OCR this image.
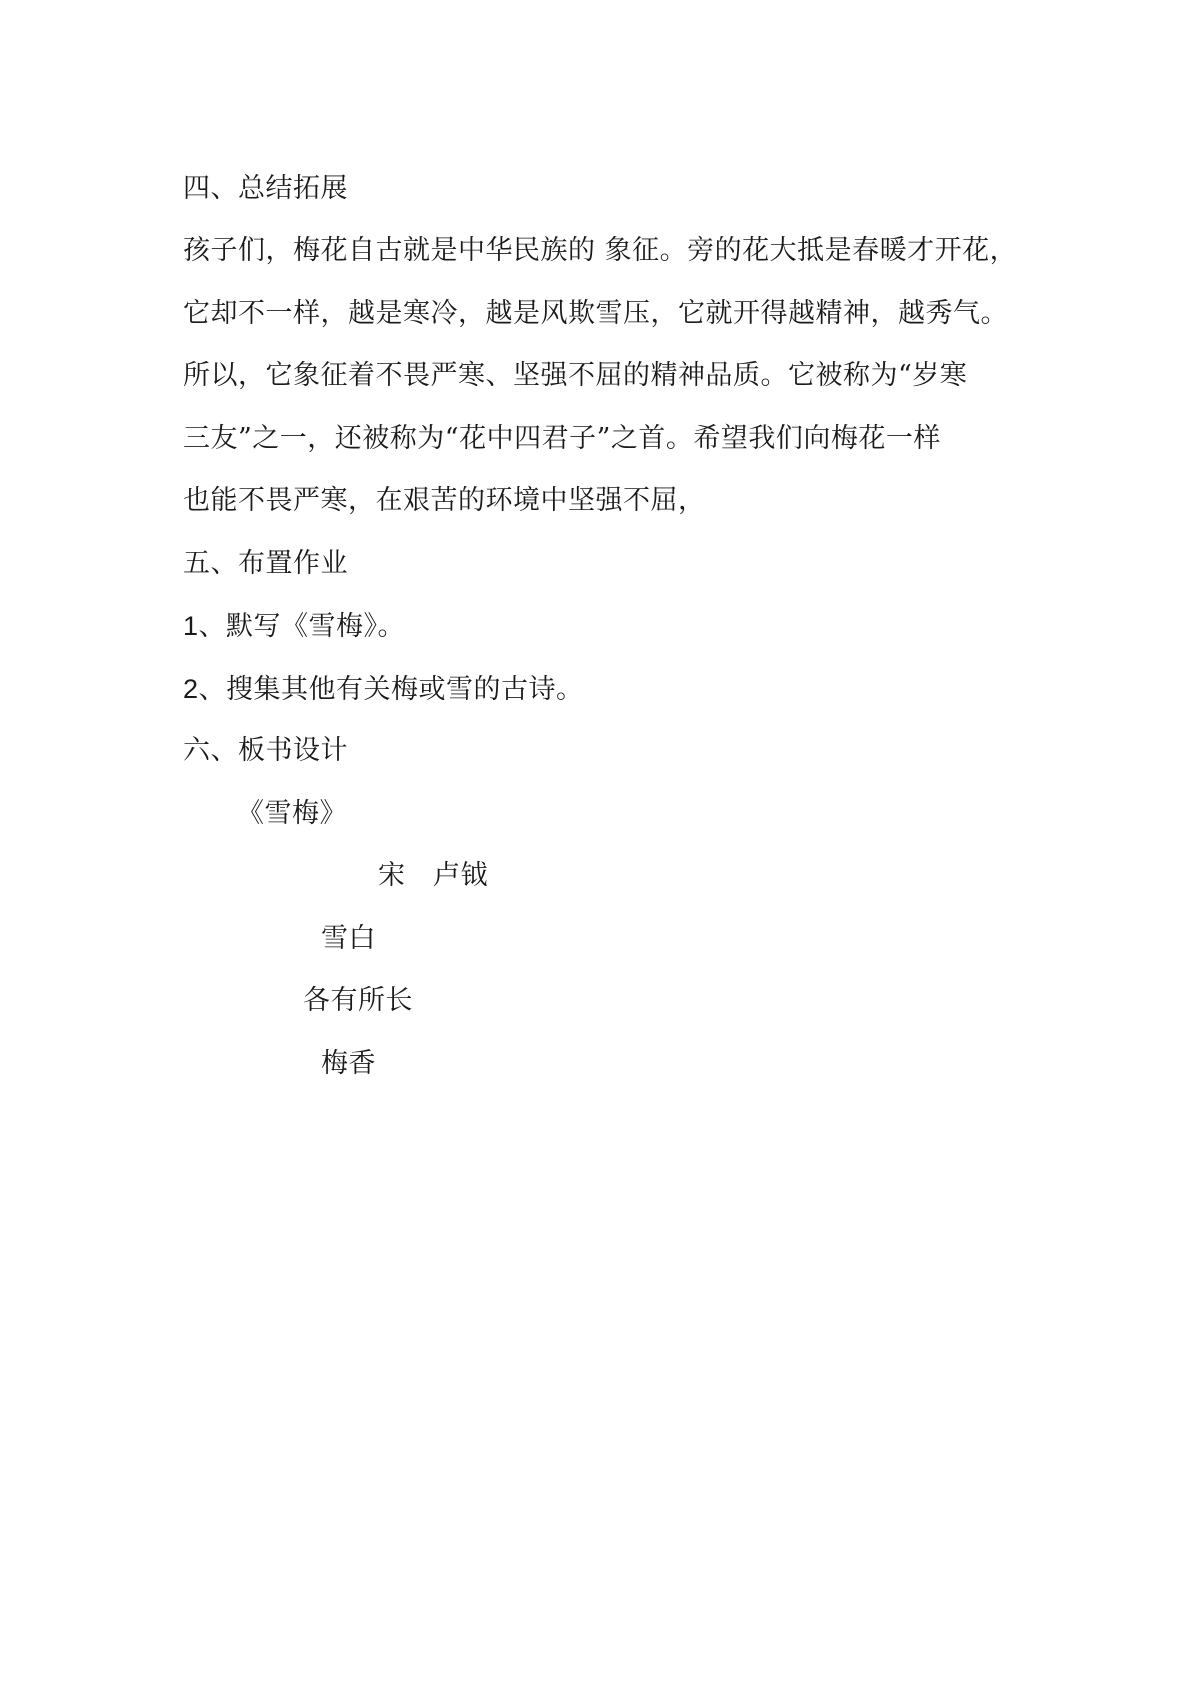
四、总结拓展
孩子们，梅花自古就是中华民族的 象征。旁的花大抵是春暖才开花，
它却不一样，越是寒冷，越是风欺雪压，它就开得越精神，越秀气。
所以，它象征着不畏严寒、坚强不屈的精神品质。它被称为“岁寒
三友”之一，还被称为“花中四君子”之首。希望我们向梅花一样
也能不畏严寒，在艰苦的环境中坚强不屈，
五、布置作业
1、默写《雪梅》。
2、搜集其他有关梅或雪的古诗。
六、板书设计
《雪梅》
宋　卢钺
雪白
各有所长
梅香
